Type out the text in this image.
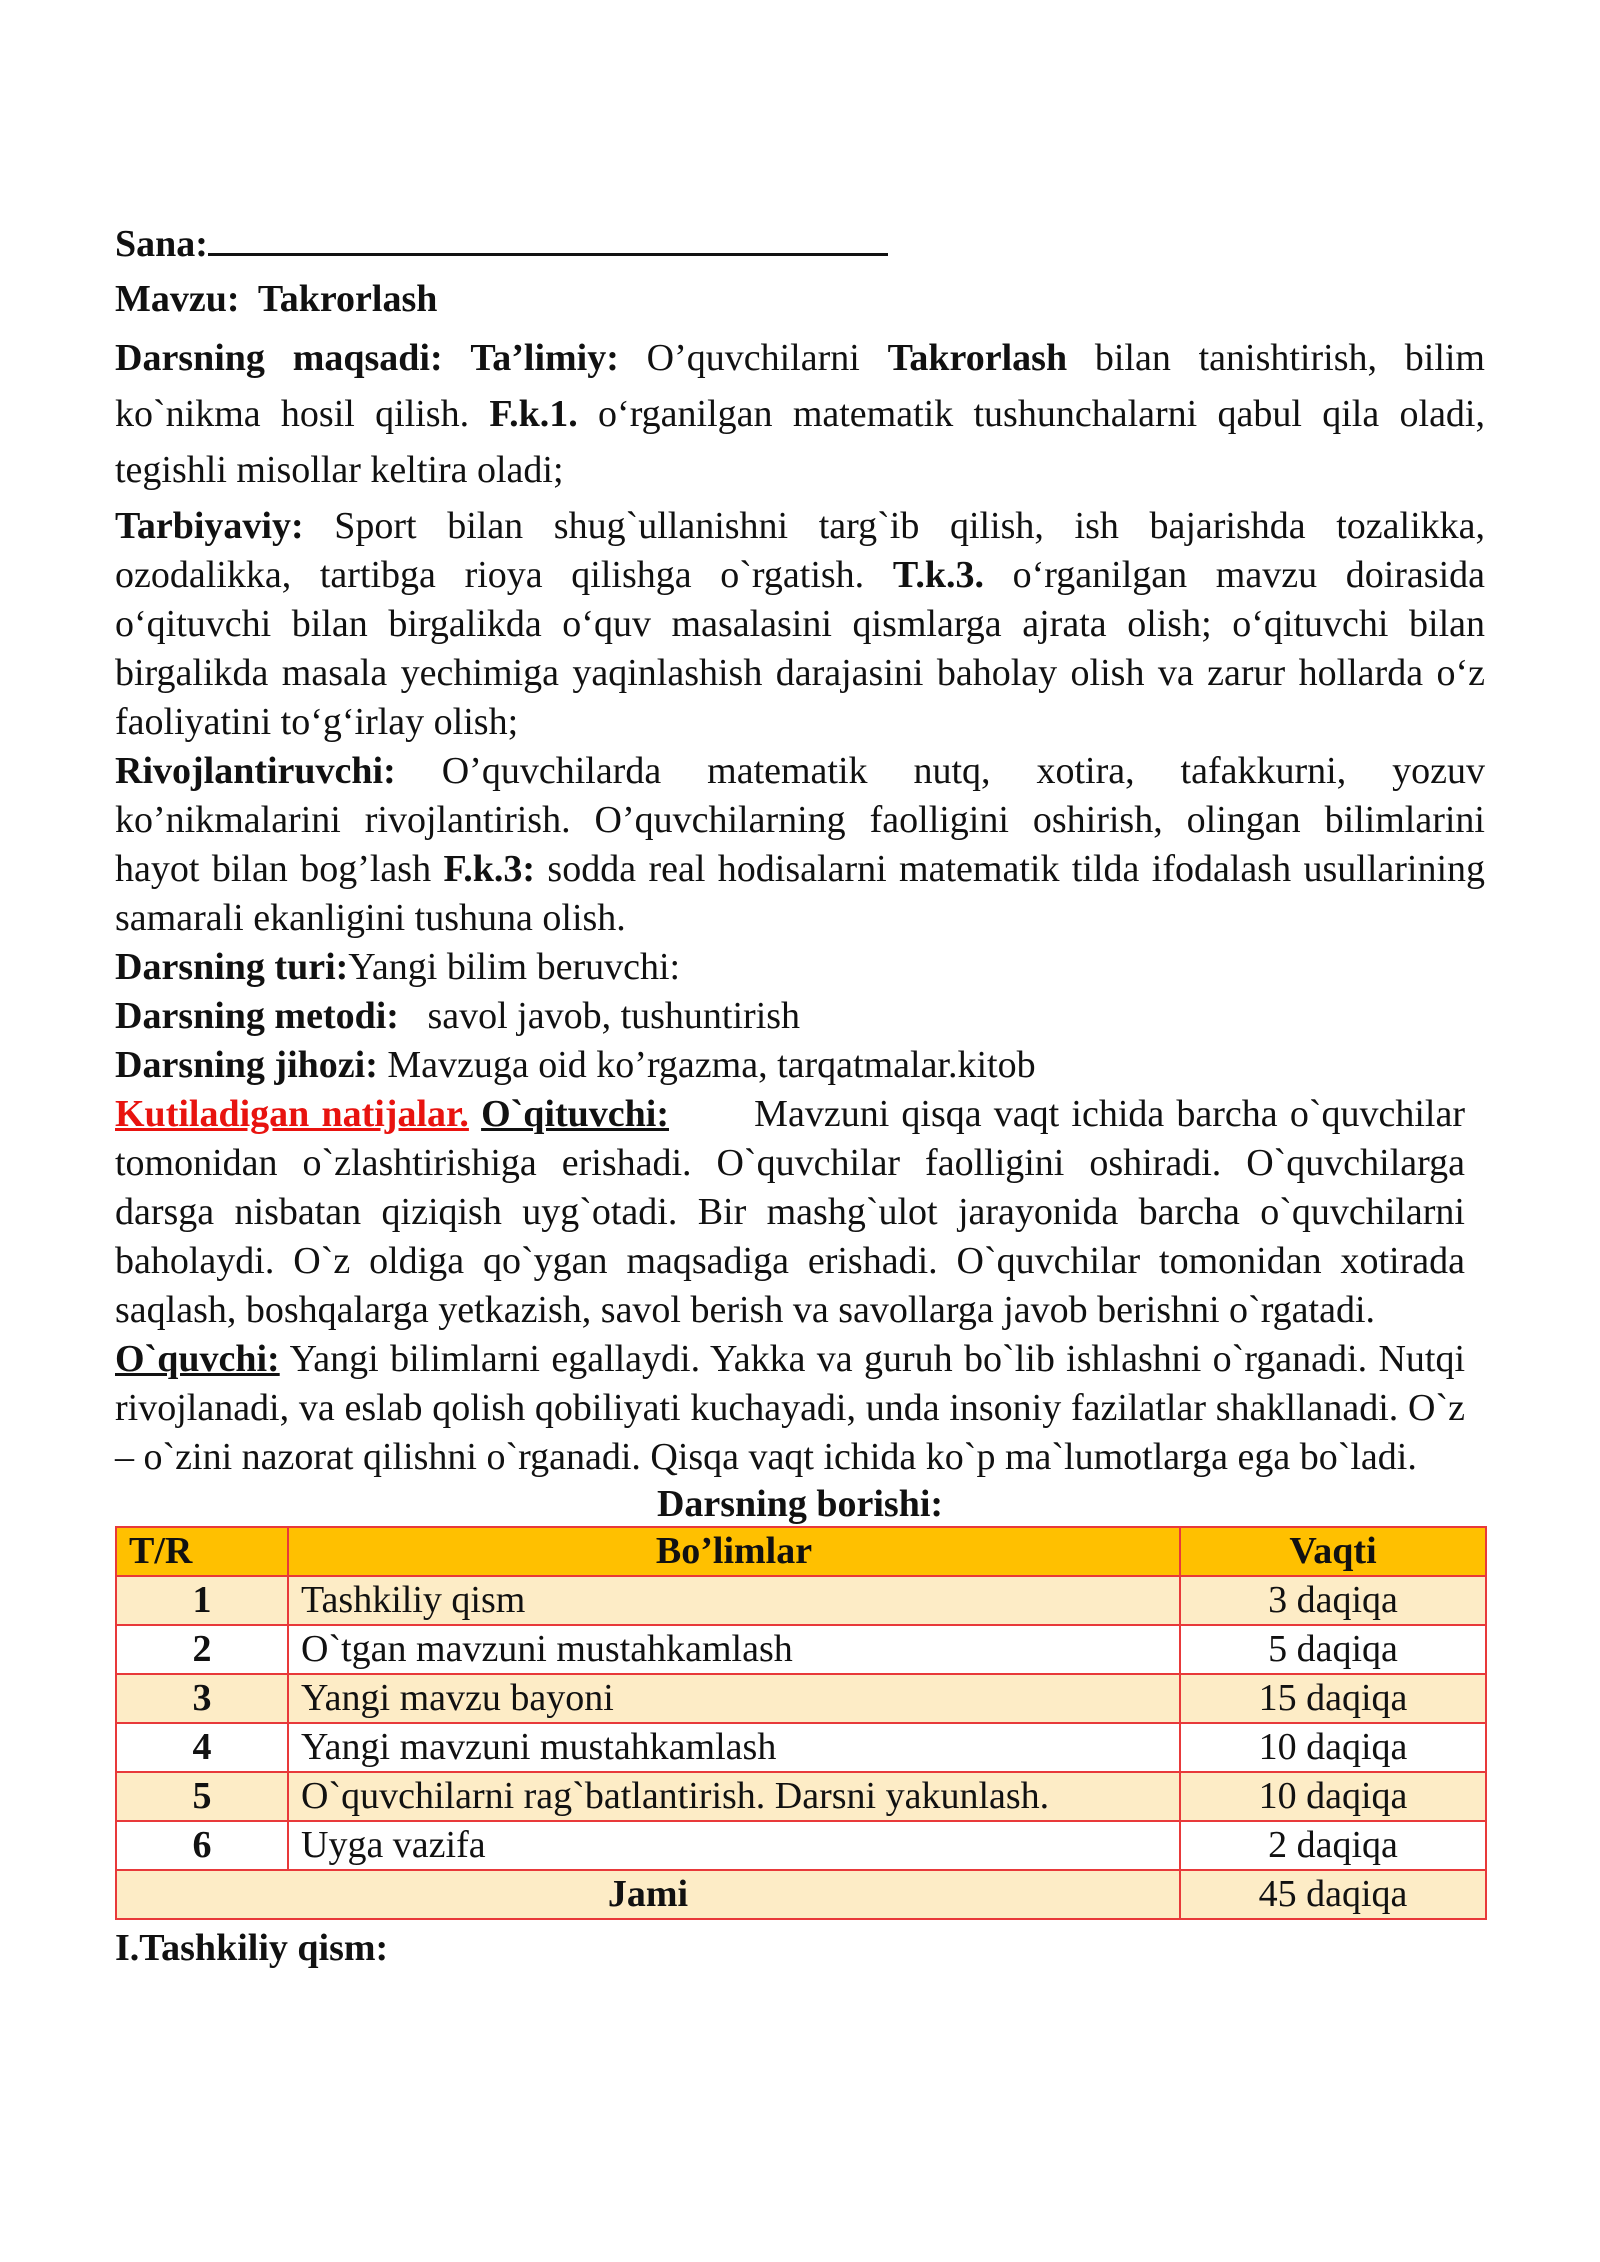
Sana:

Mavzu: Takrorlash

Darsning maqsadi: Ta’limiy: O’quvchilarni Takrorlash bilan tanishtirish, bilim ko`nikma hosil qilish. F.k.1. o‘rganilgan matematik tushunchalarni qabul qila oladi, tegishli misollar keltira oladi;

Tarbiyaviy: Sport bilan shug`ullanishni targ`ib qilish, ish bajarishda tozalikka, ozodalikka, tartibga rioya qilishga o`rgatish. T.k.3. o‘rganilgan mavzu doirasida o‘qituvchi bilan birgalikda o‘quv masalasini qismlarga ajrata olish; o‘qituvchi bilan birgalikda masala yechimiga yaqinlashish darajasini baholay olish va zarur hollarda o‘z faoliyatini to‘g‘irlay olish;

Rivojlantiruvchi: O’quvchilarda matematik nutq, xotira, tafakkurni, yozuv ko’nikmalarini rivojlantirish. O’quvchilarning faolligini oshirish, olingan bilimlarini hayot bilan bog’lash F.k.3: sodda real hodisalarni matematik tilda ifodalash usullarining samarali ekanligini tushuna olish.

Darsning turi:Yangi bilim beruvchi:

Darsning metodi: savol javob, tushuntirish

Darsning jihozi: Mavzuga oid ko’rgazma, tarqatmalar.kitob

Kutiladigan natijalar. O`qituvchi: Mavzuni qisqa vaqt ichida barcha o`quvchilar tomonidan o`zlashtirishiga erishadi. O`quvchilar faolligini oshiradi. O`quvchilarga darsga nisbatan qiziqish uyg`otadi. Bir mashg`ulot jarayonida barcha o`quvchilarni baholaydi. O`z oldiga qo`ygan maqsadiga erishadi. O`quvchilar tomonidan xotirada saqlash, boshqalarga yetkazish, savol berish va savollarga javob berishni o`rgatadi.

O`quvchi: Yangi bilimlarni egallaydi. Yakka va guruh bo`lib ishlashni o`rganadi. Nutqi rivojlanadi, va eslab qolish qobiliyati kuchayadi, unda insoniy fazilatlar shakllanadi. O`z – o`zini nazorat qilishni o`rganadi. Qisqa vaqt ichida ko`p ma`lumotlarga ega bo`ladi.

Darsning borishi:
T/R	Bo’limlar	Vaqti
1	Tashkiliy qism	3 daqiqa
2	O`tgan mavzuni mustahkamlash	5 daqiqa
3	Yangi mavzu bayoni	15 daqiqa
4	Yangi mavzuni mustahkamlash	10 daqiqa
5	O`quvchilarni rag`batlantirish. Darsni yakunlash.	10 daqiqa
6	Uyga vazifa	2 daqiqa
Jami		45 daqiqa

I.Tashkiliy qism:
